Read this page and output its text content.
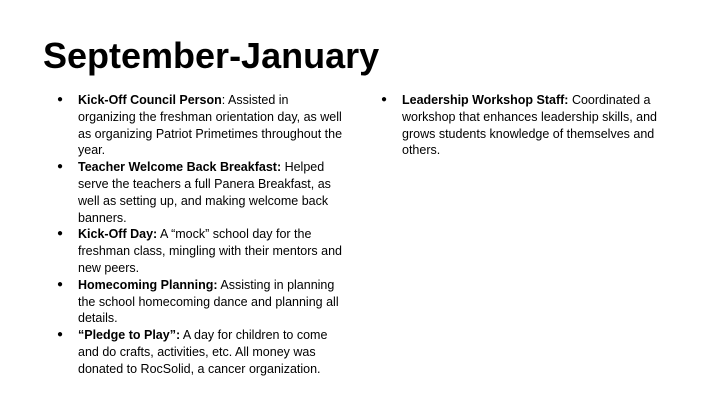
September-January
● Kick-Off Council Person: Assisted in organizing the freshman orientation day, as well as organizing Patriot Primetimes throughout the year.
● Teacher Welcome Back Breakfast: Helped serve the teachers a full Panera Breakfast, as well as setting up, and making welcome back banners.
● Kick-Off Day: A “mock” school day for the freshman class, mingling with their mentors and new peers.
● Homecoming Planning: Assisting in planning the school homecoming dance and planning all details.
● “Pledge to Play”: A day for children to come and do crafts, activities, etc. All money was donated to RocSolid, a cancer organization.
● Leadership Workshop Staff: Coordinated a workshop that enhances leadership skills, and grows students knowledge of themselves and others.
